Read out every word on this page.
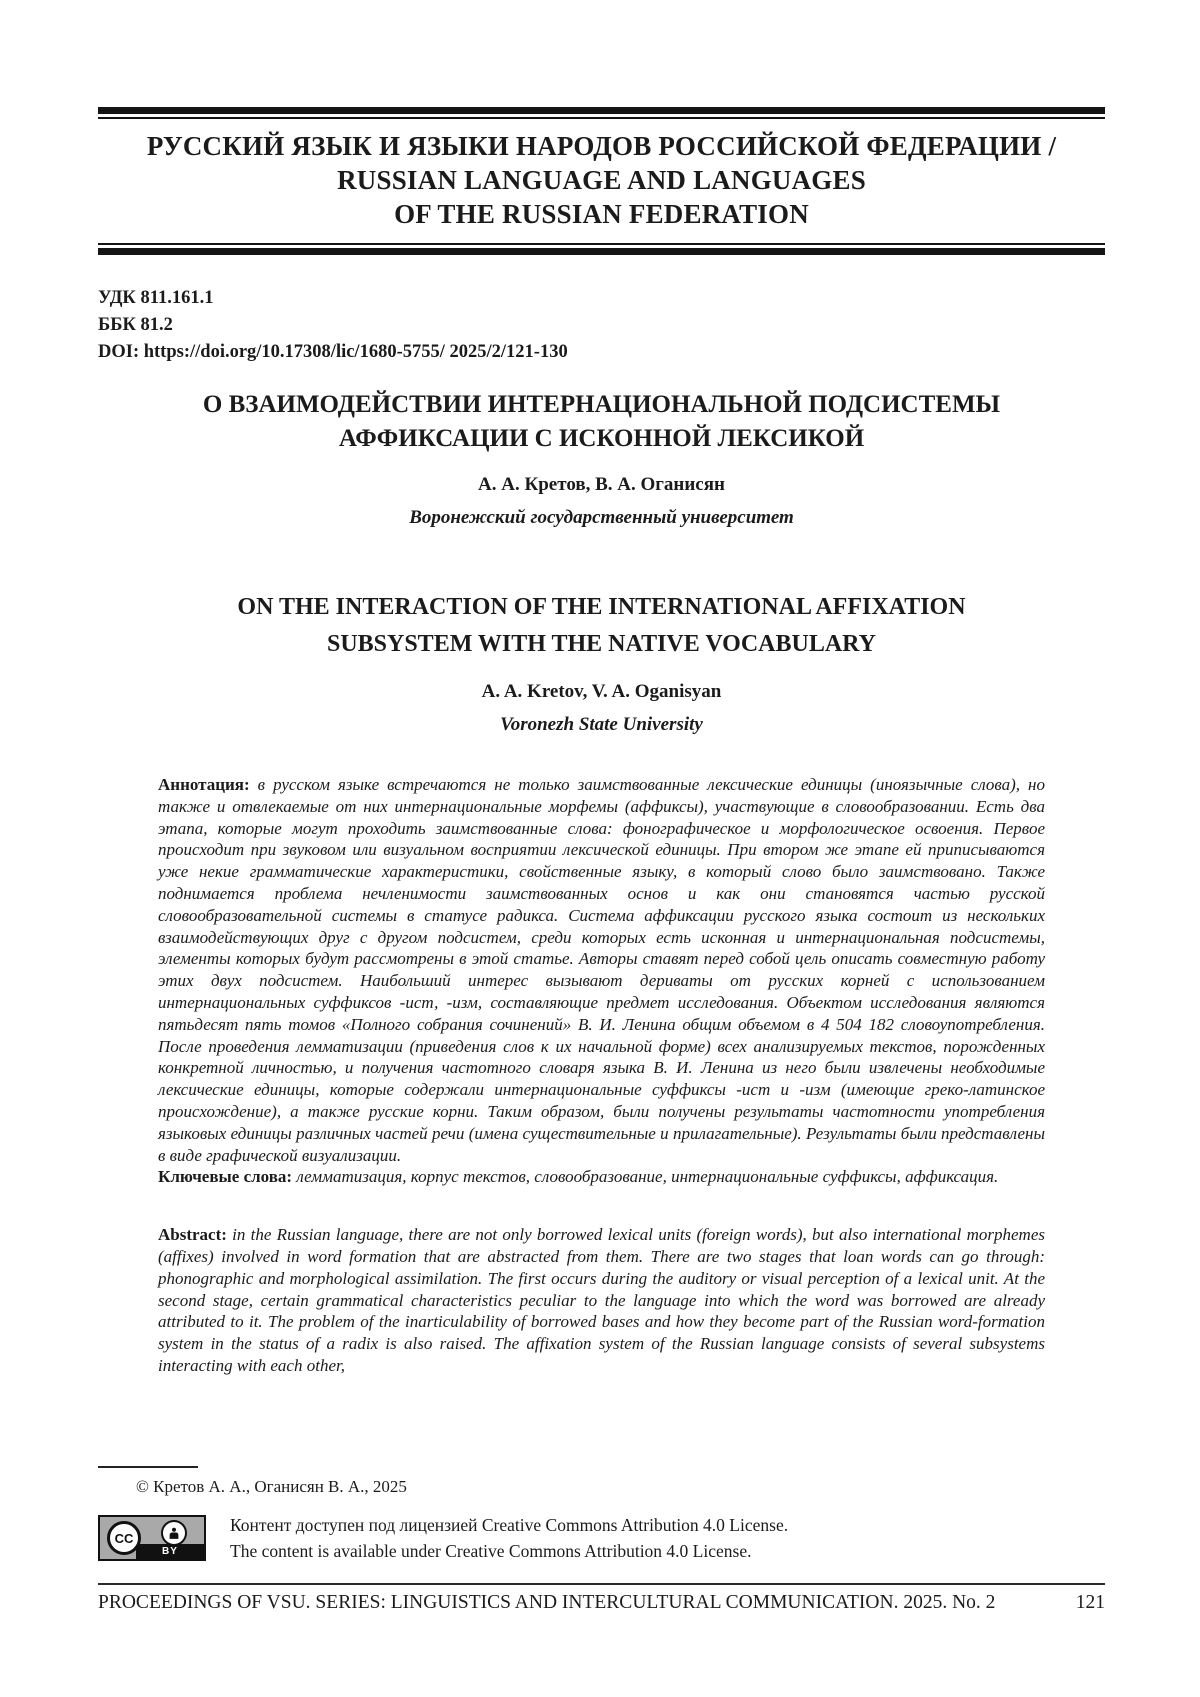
РУССКИЙ ЯЗЫК И ЯЗЫКИ НАРОДОВ РОССИЙСКОЙ ФЕДЕРАЦИИ /
RUSSIAN LANGUAGE AND LANGUAGES
OF THE RUSSIAN FEDERATION
УДК 811.161.1
ББК 81.2
DOI: https://doi.org/10.17308/lic/1680-5755/ 2025/2/121-130
О ВЗАИМОДЕЙСТВИИ ИНТЕРНАЦИОНАЛЬНОЙ ПОДСИСТЕМЫ
АФФИКСАЦИИ С ИСКОННОЙ ЛЕКСИКОЙ
А. А. Кретов, В. А. Оганисян
Воронежский государственный университет
ON THE INTERACTION OF THE INTERNATIONAL AFFIXATION
SUBSYSTEM WITH THE NATIVE VOCABULARY
A. A. Kretov, V. A. Oganisyan
Voronezh State University

Аннотация: в русском языке встречаются не только заимствованные лексические единицы (иноязычные слова), но также и отвлекаемые от них интернациональные морфемы (аффиксы), участвующие в словообразовании. Есть два этапа, которые могут проходить заимствованные слова: фонографическое и морфологическое освоения. Первое происходит при звуковом или визуальном восприятии лексической единицы. При втором же этапе ей приписываются уже некие грамматические характеристики, свойственные языку, в который слово было заимствовано. Также поднимается проблема нечленимости заимствованных основ и как они становятся частью русской словообразовательной системы в статусе радикса. Система аффиксации русского языка состоит из нескольких взаимодействующих друг с другом подсистем, среди которых есть исконная и интернациональная подсистемы, элементы которых будут рассмотрены в этой статье. Авторы ставят перед собой цель описать совместную работу этих двух подсистем. Наибольший интерес вызывают дериваты от русских корней с использованием интернациональных суффиксов -ист, -изм, составляющие предмет исследования. Объектом исследования являются пятьдесят пять томов «Полного собрания сочинений» В. И. Ленина общим объемом в 4 504 182 словоупотребления. После проведения лемматизации (приведения слов к их начальной форме) всех анализируемых текстов, порожденных конкретной личностью, и получения частотного словаря языка В. И. Ленина из него были извлечены необходимые лексические единицы, которые содержали интернациональные суффиксы -ист и -изм (имеющие греко-латинское происхождение), а также русские корни. Таким образом, были получены результаты частотности употребления языковых единицы различных частей речи (имена существительные и прилагательные). Результаты были представлены в виде графической визуализации.

Ключевые слова: лемматизация, корпус текстов, словообразование, интернациональные суффиксы, аффиксация.

Abstract: in the Russian language, there are not only borrowed lexical units (foreign words), but also international morphemes (affixes) involved in word formation that are abstracted from them. There are two stages that loan words can go through: phonographic and morphological assimilation. The first occurs during the auditory or visual perception of a lexical unit. At the second stage, certain grammatical characteristics peculiar to the language into which the word was borrowed are already attributed to it. The problem of the inarticulability of borrowed bases and how they become part of the Russian word-formation system in the status of a radix is also raised. The affixation system of the Russian language consists of several subsystems interacting with each other,

© Кретов А. А., Оганисян В. А., 2025
BY
CC
Контент доступен под лицензией Creative Commons Attribution 4.0 License.
The content is available under Creative Commons Attribution 4.0 License.
PROCEEDINGS OF VSU. SERIES: LINGUISTICS AND INTERCULTURAL COMMUNICATION. 2025. No. 2	121
